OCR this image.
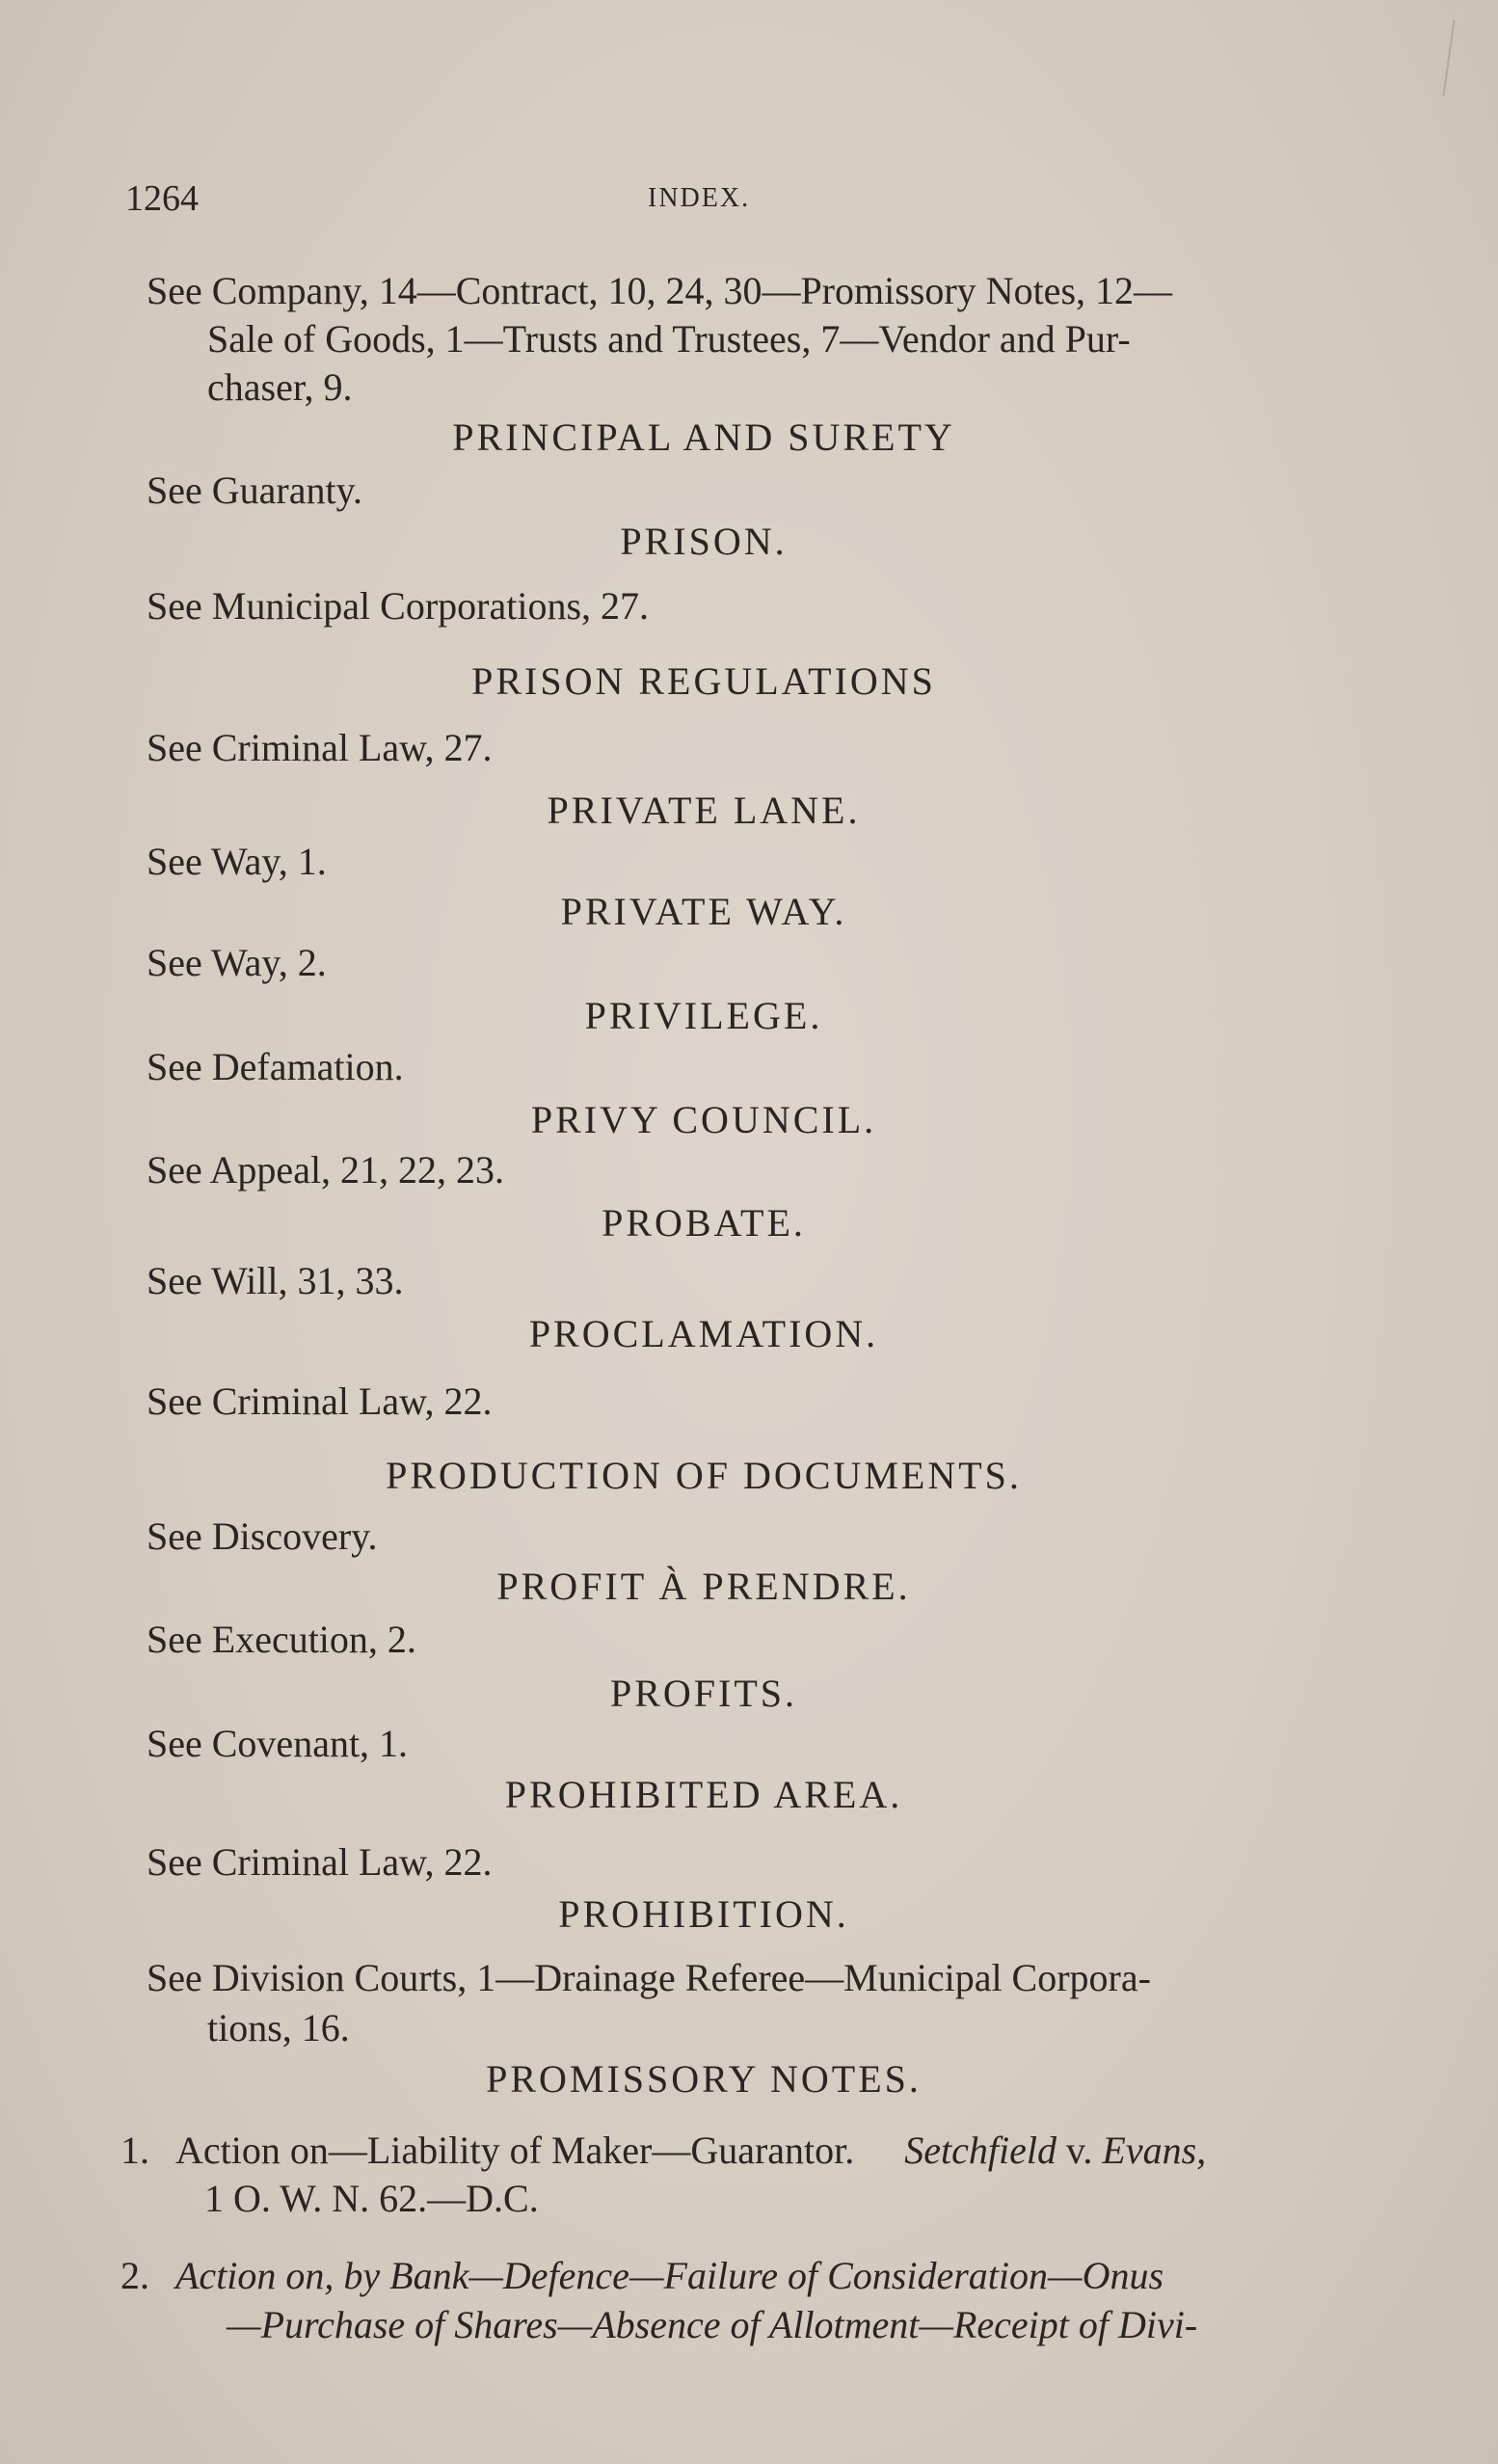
1264	INDEX.
See Company, 14—Contract, 10, 24, 30—Promissory Notes, 12—
Sale of Goods, 1—Trusts and Trustees, 7—Vendor and Pur-
chaser, 9.
PRINCIPAL AND SURETY
See Guaranty.
PRISON.
See Municipal Corporations, 27.
PRISON REGULATIONS
See Criminal Law, 27.
PRIVATE LANE.
See Way, 1.
PRIVATE WAY.
See Way, 2.
PRIVILEGE.
See Defamation.
PRIVY COUNCIL.
See Appeal, 21, 22, 23.
PROBATE.
See Will, 31, 33.
PROCLAMATION.
See Criminal Law, 22.
PRODUCTION OF DOCUMENTS.
See Discovery.
PROFIT À PRENDRE.
See Execution, 2.
PROFITS.
See Covenant, 1.
PROHIBITED AREA.
See Criminal Law, 22.
PROHIBITION.
See Division Courts, 1—Drainage Referee—Municipal Corpora-
tions, 16.
PROMISSORY NOTES.
1. Action on—Liability of Maker—Guarantor. Setchfield v. Evans,
1 O. W. N. 62.—D.C.
2. Action on, by Bank—Defence—Failure of Consideration—Onus
—Purchase of Shares—Absence of Allotment—Receipt of Divi-
